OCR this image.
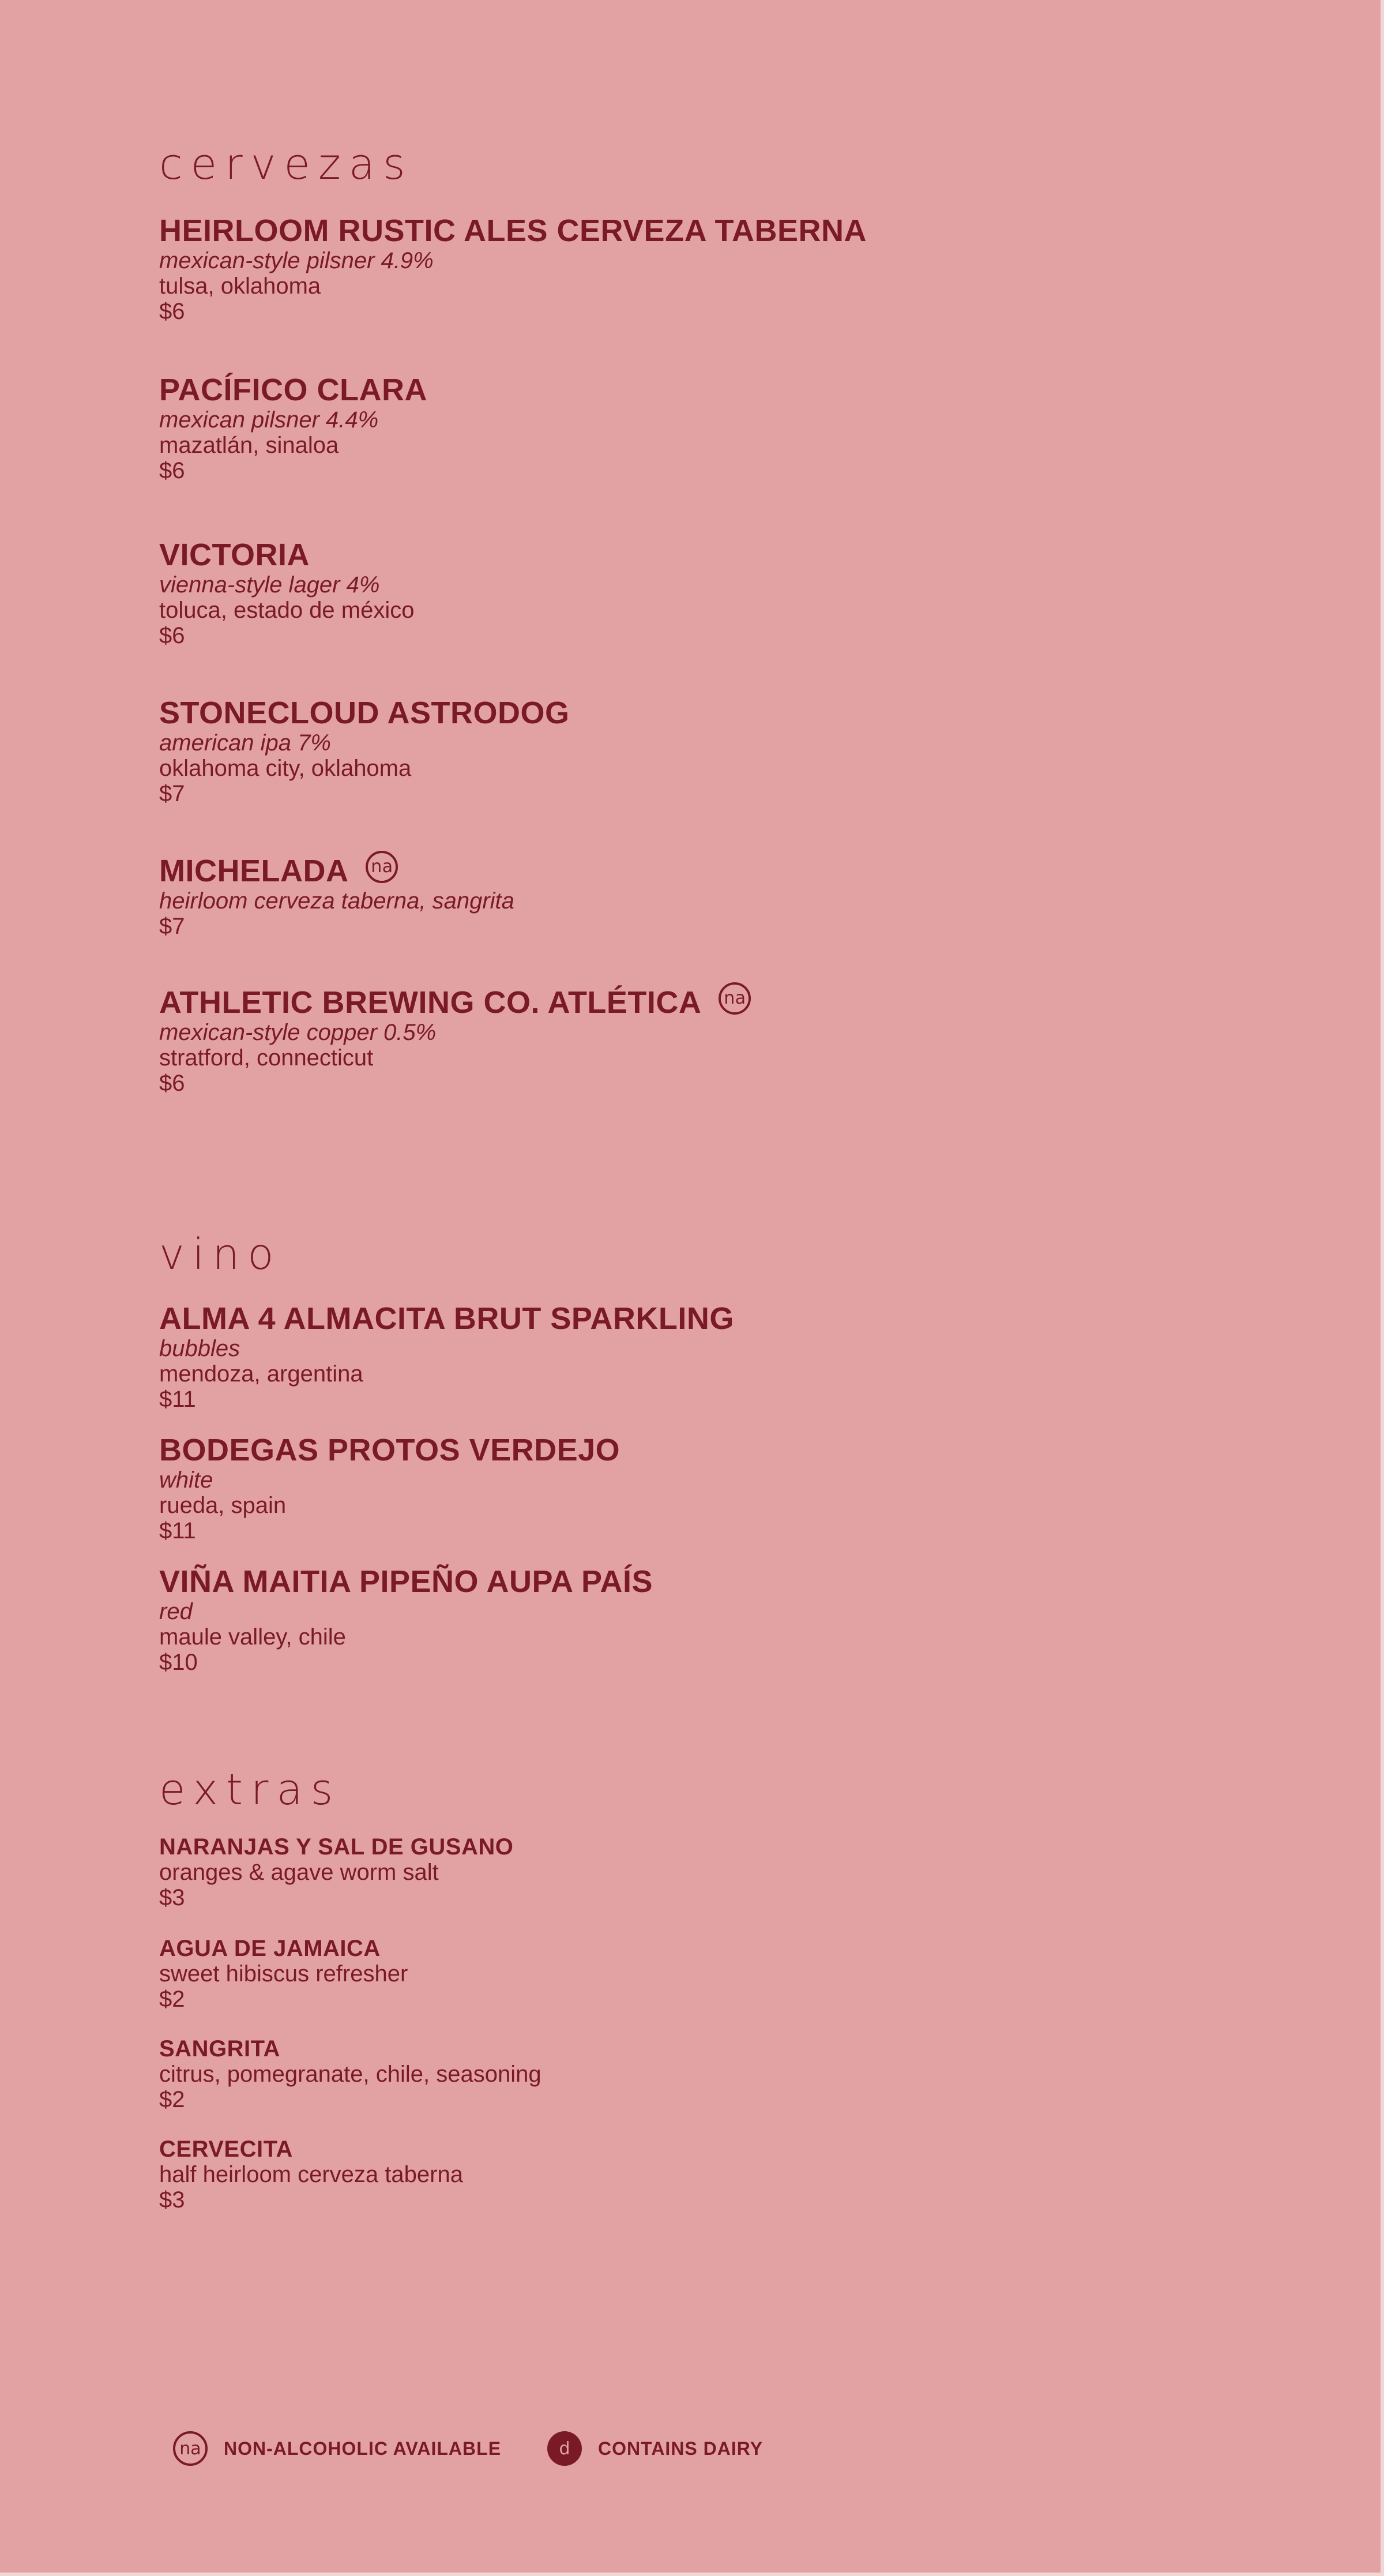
cervezas
HEIRLOOM RUSTIC ALES CERVEZA TABERNA
mexican-style pilsner 4.9%
tulsa, oklahoma
$6
PACÍFICO CLARA
mexican pilsner 4.4%
mazatlán, sinaloa
$6
VICTORIA
vienna-style lager 4%
toluca, estado de méxico
$6
STONECLOUD ASTRODOG
american ipa 7%
oklahoma city, oklahoma
$7
MICHELADA na
heirloom cerveza taberna, sangrita
$7
ATHLETIC BREWING CO. ATLÉTICA na
mexican-style copper 0.5%
stratford, connecticut
$6
vino
ALMA 4 ALMACITA BRUT SPARKLING
bubbles
mendoza, argentina
$11
BODEGAS PROTOS VERDEJO
white
rueda, spain
$11
VIÑA MAITIA PIPEÑO AUPA PAÍS
red
maule valley, chile
$10
extras
NARANJAS Y SAL DE GUSANO
oranges & agave worm salt
$3
AGUA DE JAMAICA
sweet hibiscus refresher
$2
SANGRITA
citrus, pomegranate, chile, seasoning
$2
CERVECITA
half heirloom cerveza taberna
$3
na	NON-ALCOHOLIC AVAILABLE	d	CONTAINS DAIRY
